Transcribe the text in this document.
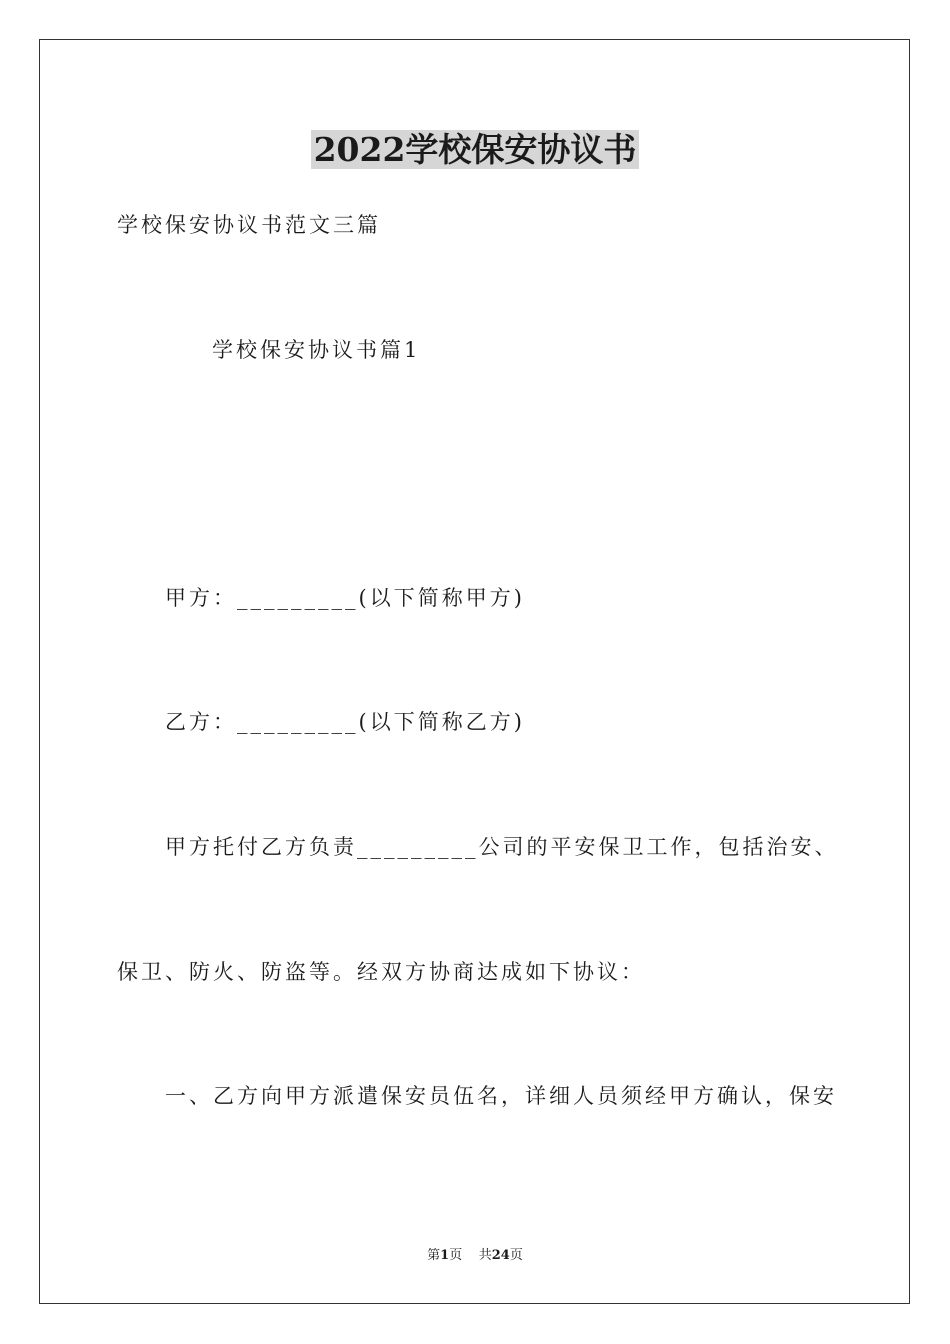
2022学校保安协议书
学校保安协议书范文三篇
学校保安协议书篇1
甲方：_________(以下简称甲方)
乙方：_________(以下简称乙方)
甲方托付乙方负责_________公司的平安保卫工作，包括治安、
保卫、防火、防盗等。经双方协商达成如下协议：
一、乙方向甲方派遣保安员伍名，详细人员须经甲方确认，保安
第1页 共24页
